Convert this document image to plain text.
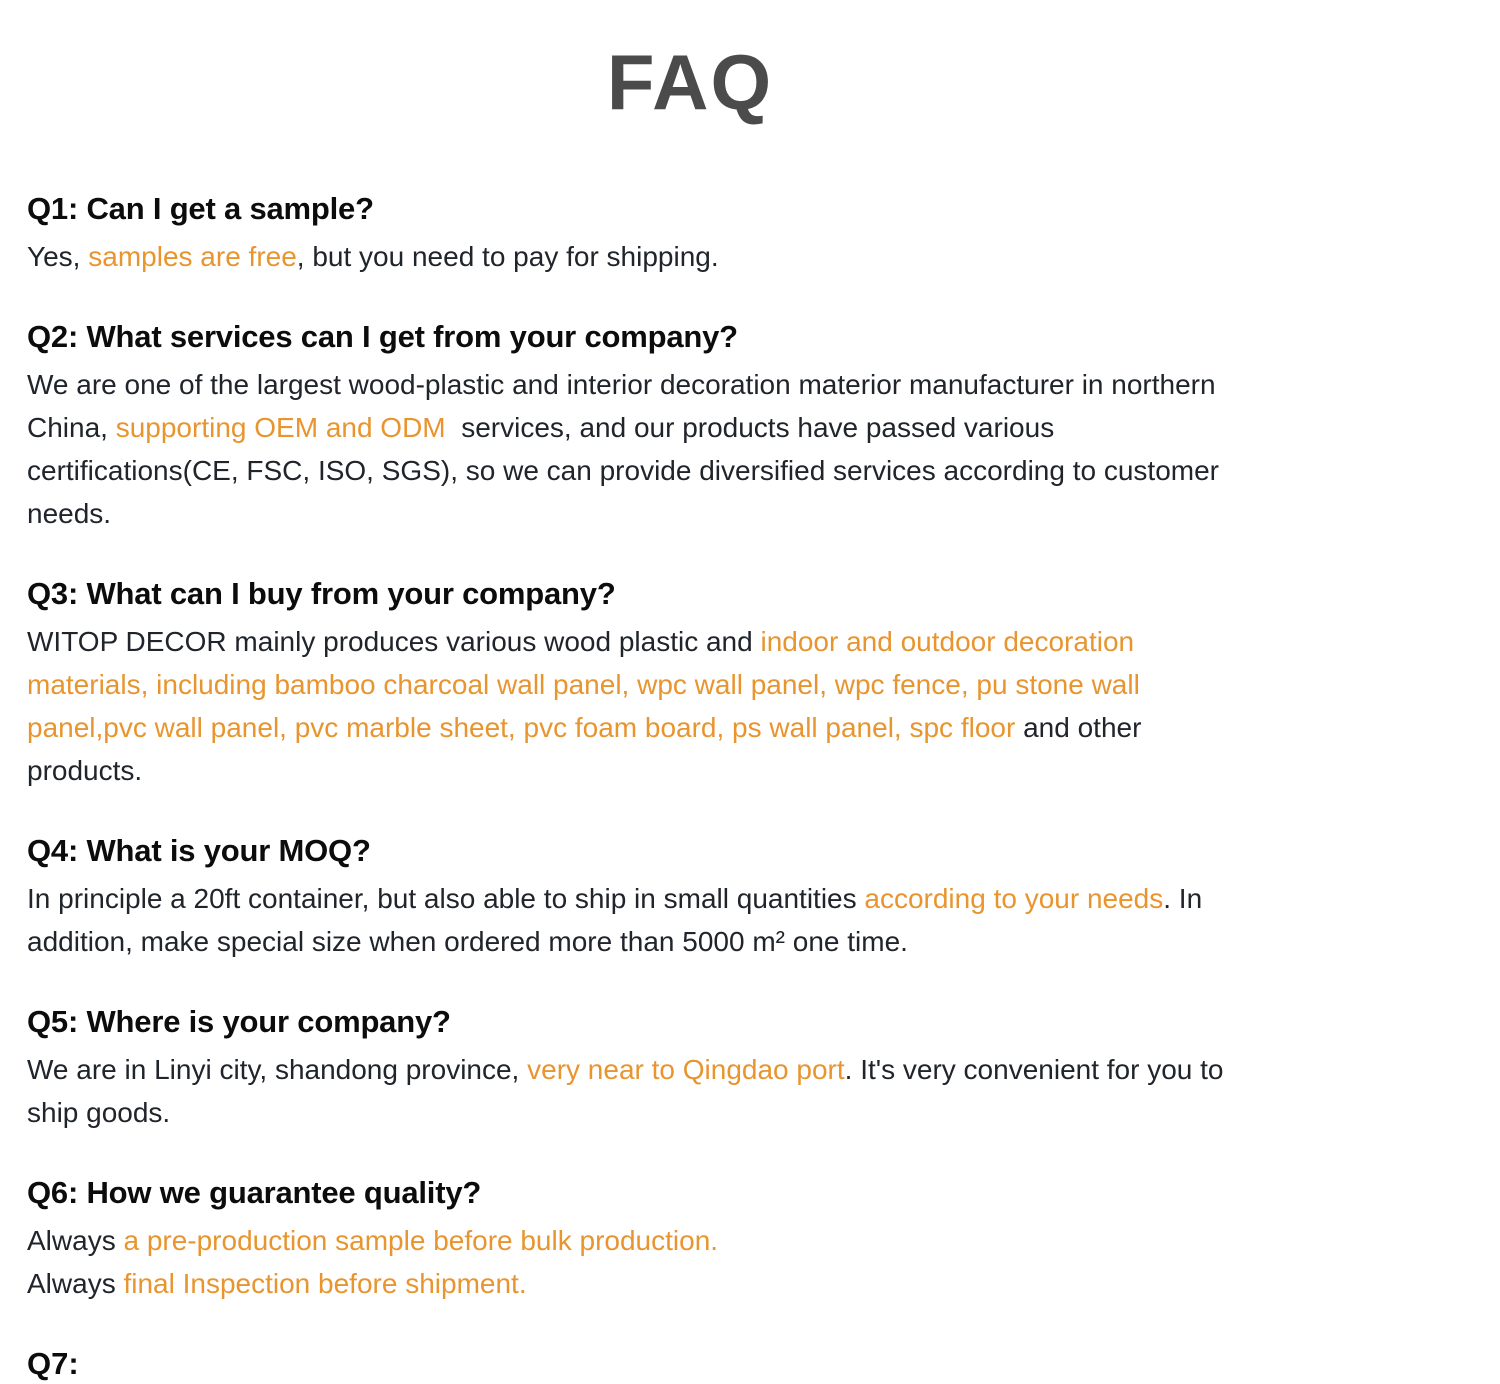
FAQ
Q1: Can I get a sample?
Yes, samples are free, but you need to pay for shipping.
Q2: What services can I get from your company?
We are one of the largest wood-plastic and interior decoration materior manufacturer in northern
China, supporting OEM and ODM  services, and our products have passed various
certifications(CE, FSC, ISO, SGS), so we can provide diversified services according to customer
needs.
Q3: What can I buy from your company?
WITOP DECOR mainly produces various wood plastic and indoor and outdoor decoration
materials, including bamboo charcoal wall panel, wpc wall panel, wpc fence, pu stone wall
panel,pvc wall panel, pvc marble sheet, pvc foam board, ps wall panel, spc floor and other
products.
Q4: What is your MOQ?
In principle a 20ft container, but also able to ship in small quantities according to your needs. In
addition, make special size when ordered more than 5000 m² one time.
Q5: Where is your company?
We are in Linyi city, shandong province, very near to Qingdao port. It's very convenient for you to
ship goods.
Q6: How we guarantee quality?
Always a pre-production sample before bulk production.
Always final Inspection before shipment.
Q7:
